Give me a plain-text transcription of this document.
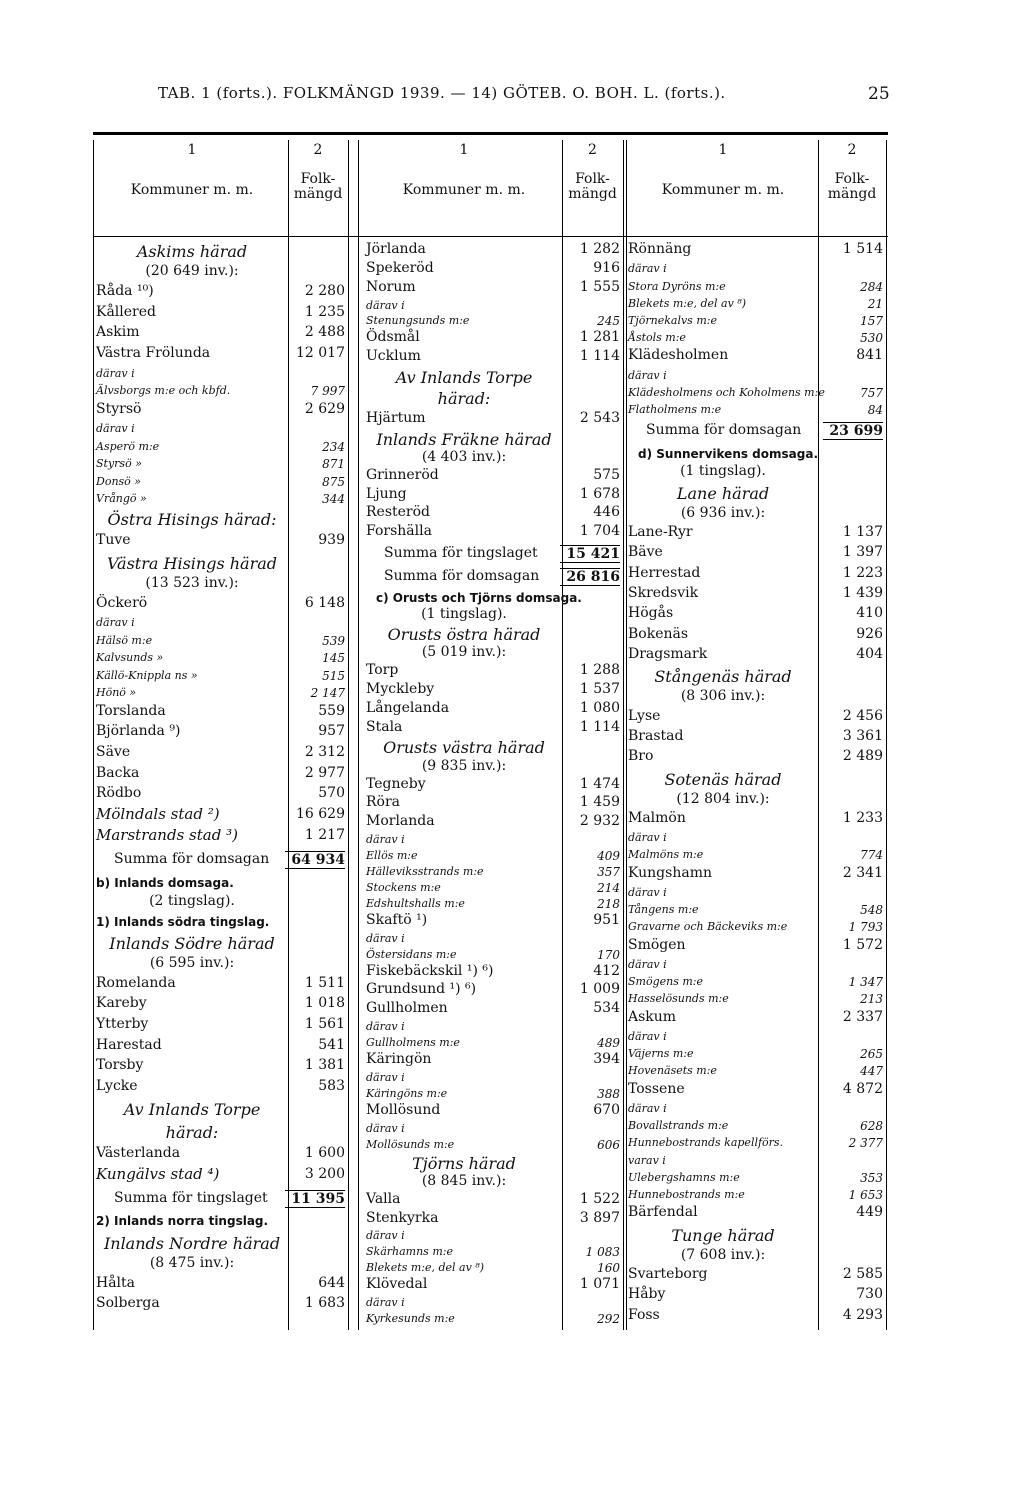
TAB. 1 (forts.). FOLKMÄNGD 1939. — 14) GÖTEB. O. BOH. L. (forts.).	25
1	2
Kommuner m. m.
Folk-
mängd
Askims härad
(20 649 inv.):
Råda ¹⁰)	2 280
Kållered	1 235
Askim	2 488
Västra Frölunda	12 017
därav i
Älvsborgs m:e och kbfd.	7 997
Styrsö	2 629
därav i
Asperö m:e	234
Styrsö »	871
Donsö »	875
Vrångö »	344
Östra Hisings härad:
Tuve	939
Västra Hisings härad
(13 523 inv.):
Öckerö	6 148
därav i
Hälsö m:e	539
Kalvsunds »	145
Källö-Knippla ns »	515
Hönö »	2 147
Torslanda	559
Björlanda ⁹)	957
Säve	2 312
Backa	2 977
Rödbo	570
Mölndals stad ²)	16 629
Marstrands stad ³)	1 217
Summa för domsagan	64 934
b) Inlands domsaga.
(2 tingslag).
1) Inlands södra tingslag.
Inlands Södre härad
(6 595 inv.):
Romelanda	1 511
Kareby	1 018
Ytterby	1 561
Harestad	541
Torsby	1 381
Lycke	583
Av Inlands Torpe
härad:
Västerlanda	1 600
Kungälvs stad ⁴)	3 200
Summa för tingslaget	11 395
2) Inlands norra tingslag.
Inlands Nordre härad
(8 475 inv.):
Hålta	644
Solberga	1 683
1	2
Kommuner m. m.
Folk-
mängd
Jörlanda	1 282
Spekeröd	916
Norum	1 555
därav i
Stenungsunds m:e	245
Ödsmål	1 281
Ucklum	1 114
Av Inlands Torpe
härad:
Hjärtum	2 543
Inlands Fräkne härad
(4 403 inv.):
Grinneröd	575
Ljung	1 678
Resteröd	446
Forshälla	1 704
Summa för tingslaget	15 421
Summa för domsagan	26 816
c) Orusts och Tjörns domsaga.
(1 tingslag).
Orusts östra härad
(5 019 inv.):
Torp	1 288
Myckleby	1 537
Långelanda	1 080
Stala	1 114
Orusts västra härad
(9 835 inv.):
Tegneby	1 474
Röra	1 459
Morlanda	2 932
därav i
Ellös m:e	409
Hälleviksstrands m:e	357
Stockens m:e	214
Edshultshalls m:e	218
Skaftö ¹)	951
därav i
Östersidans m:e	170
Fiskebäckskil ¹) ⁶)	412
Grundsund ¹) ⁶)	1 009
Gullholmen	534
därav i
Gullholmens m:e	489
Käringön	394
därav i
Käringöns m:e	388
Mollösund	670
därav i
Mollösunds m:e	606
Tjörns härad
(8 845 inv.):
Valla	1 522
Stenkyrka	3 897
därav i
Skärhamns m:e	1 083
Blekets m:e, del av ⁸)	160
Klövedal	1 071
därav i
Kyrkesunds m:e	292
1	2
Kommuner m. m.
Folk-
mängd
Rönnäng	1 514
därav i
Stora Dyröns m:e	284
Blekets m:e, del av ⁸)	21
Tjörnekalvs m:e	157
Åstols m:e	530
Klädesholmen	841
därav i
Klädesholmens och Koholmens m:e	757
Flatholmens m:e	84
Summa för domsagan	23 699
d) Sunnervikens domsaga.
(1 tingslag).
Lane härad
(6 936 inv.):
Lane-Ryr	1 137
Bäve	1 397
Herrestad	1 223
Skredsvik	1 439
Högås	410
Bokenäs	926
Dragsmark	404
Stångenäs härad
(8 306 inv.):
Lyse	2 456
Brastad	3 361
Bro	2 489
Sotenäs härad
(12 804 inv.):
Malmön	1 233
därav i
Malmöns m:e	774
Kungshamn	2 341
därav i
Tångens m:e	548
Gravarne och Bäckeviks m:e	1 793
Smögen	1 572
därav i
Smögens m:e	1 347
Hasselösunds m:e	213
Askum	2 337
därav i
Väjerns m:e	265
Hovenäsets m:e	447
Tossene	4 872
därav i
Bovallstrands m:e	628
Hunnebostrands kapellförs.	2 377
varav i
Ulebergshamns m:e	353
Hunnebostrands m:e	1 653
Bärfendal	449
Tunge härad
(7 608 inv.):
Svarteborg	2 585
Håby	730
Foss	4 293
